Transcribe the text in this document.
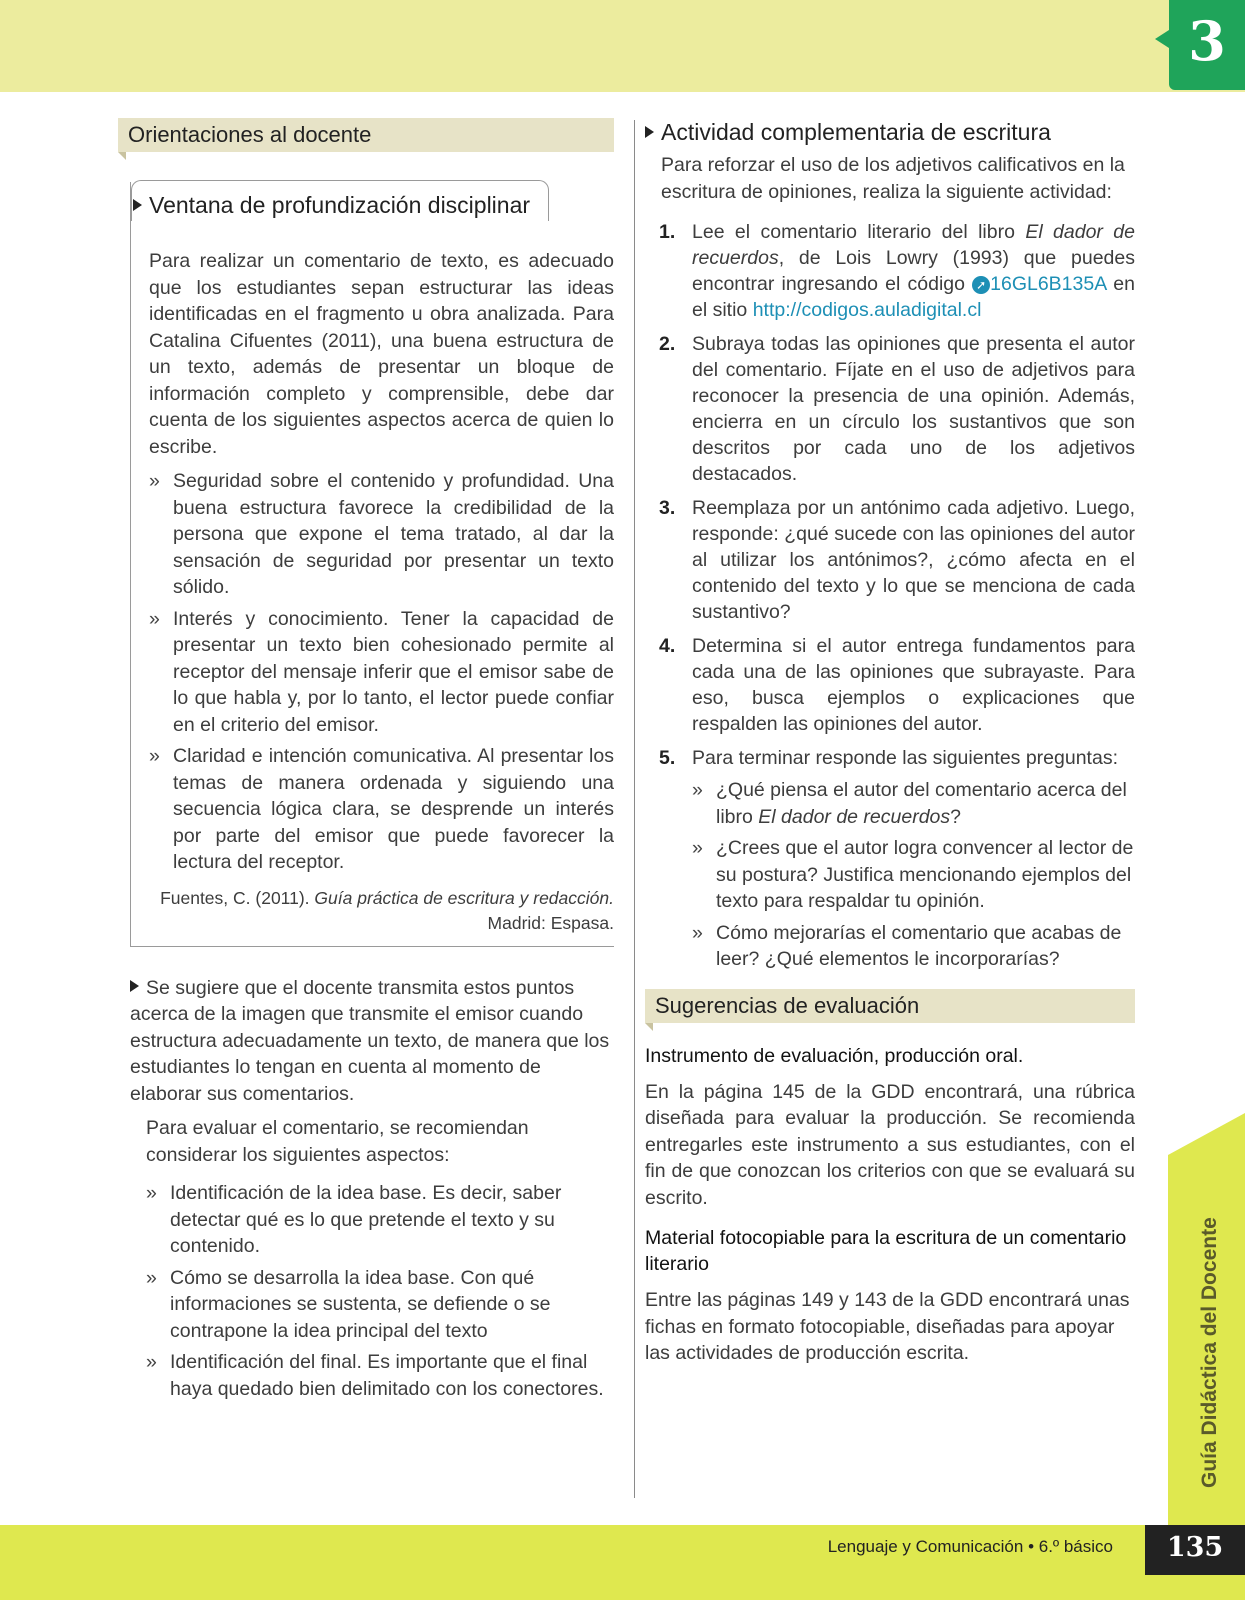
3
Orientaciones al docente
Ventana de profundización disciplinar

Para realizar un comentario de texto, es adecuado que los estudiantes sepan estructurar las ideas identificadas en el fragmento u obra analizada. Para Catalina Cifuentes (2011), una buena estructura de un texto, además de presentar un bloque de información completo y comprensible, debe dar cuenta de los siguientes aspectos acerca de quien lo escribe.

» Seguridad sobre el contenido y profundidad. Una buena estructura favorece la credibilidad de la persona que expone el tema tratado, al dar la sensación de seguridad por presentar un texto sólido.
» Interés y conocimiento. Tener la capacidad de presentar un texto bien cohesionado permite al receptor del mensaje inferir que el emisor sabe de lo que habla y, por lo tanto, el lector puede confiar en el criterio del emisor.
» Claridad e intención comunicativa. Al presentar los temas de manera ordenada y siguiendo una secuencia lógica clara, se desprende un interés por parte del emisor que puede favorecer la lectura del receptor.
Fuentes, C. (2011). Guía práctica de escritura y redacción.
Madrid: Espasa.

Se sugiere que el docente transmita estos puntos acerca de la imagen que transmite el emisor cuando estructura adecuadamente un texto, de manera que los estudiantes lo tengan en cuenta al momento de elaborar sus comentarios.

Para evaluar el comentario, se recomiendan considerar los siguientes aspectos:

» Identificación de la idea base. Es decir, saber detectar qué es lo que pretende el texto y su contenido.
» Cómo se desarrolla la idea base. Con qué informaciones se sustenta, se defiende o se contrapone la idea principal del texto
» Identificación del final. Es importante que el final haya quedado bien delimitado con los conectores.
Actividad complementaria de escritura

Para reforzar el uso de los adjetivos calificativos en la escritura de opiniones, realiza la siguiente actividad:

1. Lee el comentario literario del libro El dador de recuerdos, de Lois Lowry (1993) que puedes encontrar ingresando el código ➚ 16GL6B135A en el sitio http://codigos.auladigital.cl
2. Subraya todas las opiniones que presenta el autor del comentario. Fíjate en el uso de adjetivos para reconocer la presencia de una opinión. Además, encierra en un círculo los sustantivos que son descritos por cada uno de los adjetivos destacados.
3. Reemplaza por un antónimo cada adjetivo. Luego, responde: ¿qué sucede con las opiniones del autor al utilizar los antónimos?, ¿cómo afecta en el contenido del texto y lo que se menciona de cada sustantivo?
4. Determina si el autor entrega fundamentos para cada una de las opiniones que subrayaste. Para eso, busca ejemplos o explicaciones que respalden las opiniones del autor.
5. Para terminar responde las siguientes preguntas:
» ¿Qué piensa el autor del comentario acerca del libro El dador de recuerdos?
» ¿Crees que el autor logra convencer al lector de su postura? Justifica mencionando ejemplos del texto para respaldar tu opinión.
» Cómo mejorarías el comentario que acabas de leer? ¿Qué elementos le incorporarías?
Sugerencias de evaluación

Instrumento de evaluación, producción oral.

En la página 145 de la GDD encontrará, una rúbrica diseñada para evaluar la producción. Se recomienda entregarles este instrumento a sus estudiantes, con el fin de que conozcan los criterios con que se evaluará su escrito.

Material fotocopiable para la escritura de un comentario literario

Entre las páginas 149 y 143 de la GDD encontrará unas fichas en formato fotocopiable, diseñadas para apoyar las actividades de producción escrita.	Guía Didáctica del Docente
Lenguaje y Comunicación • 6.º básico	135
